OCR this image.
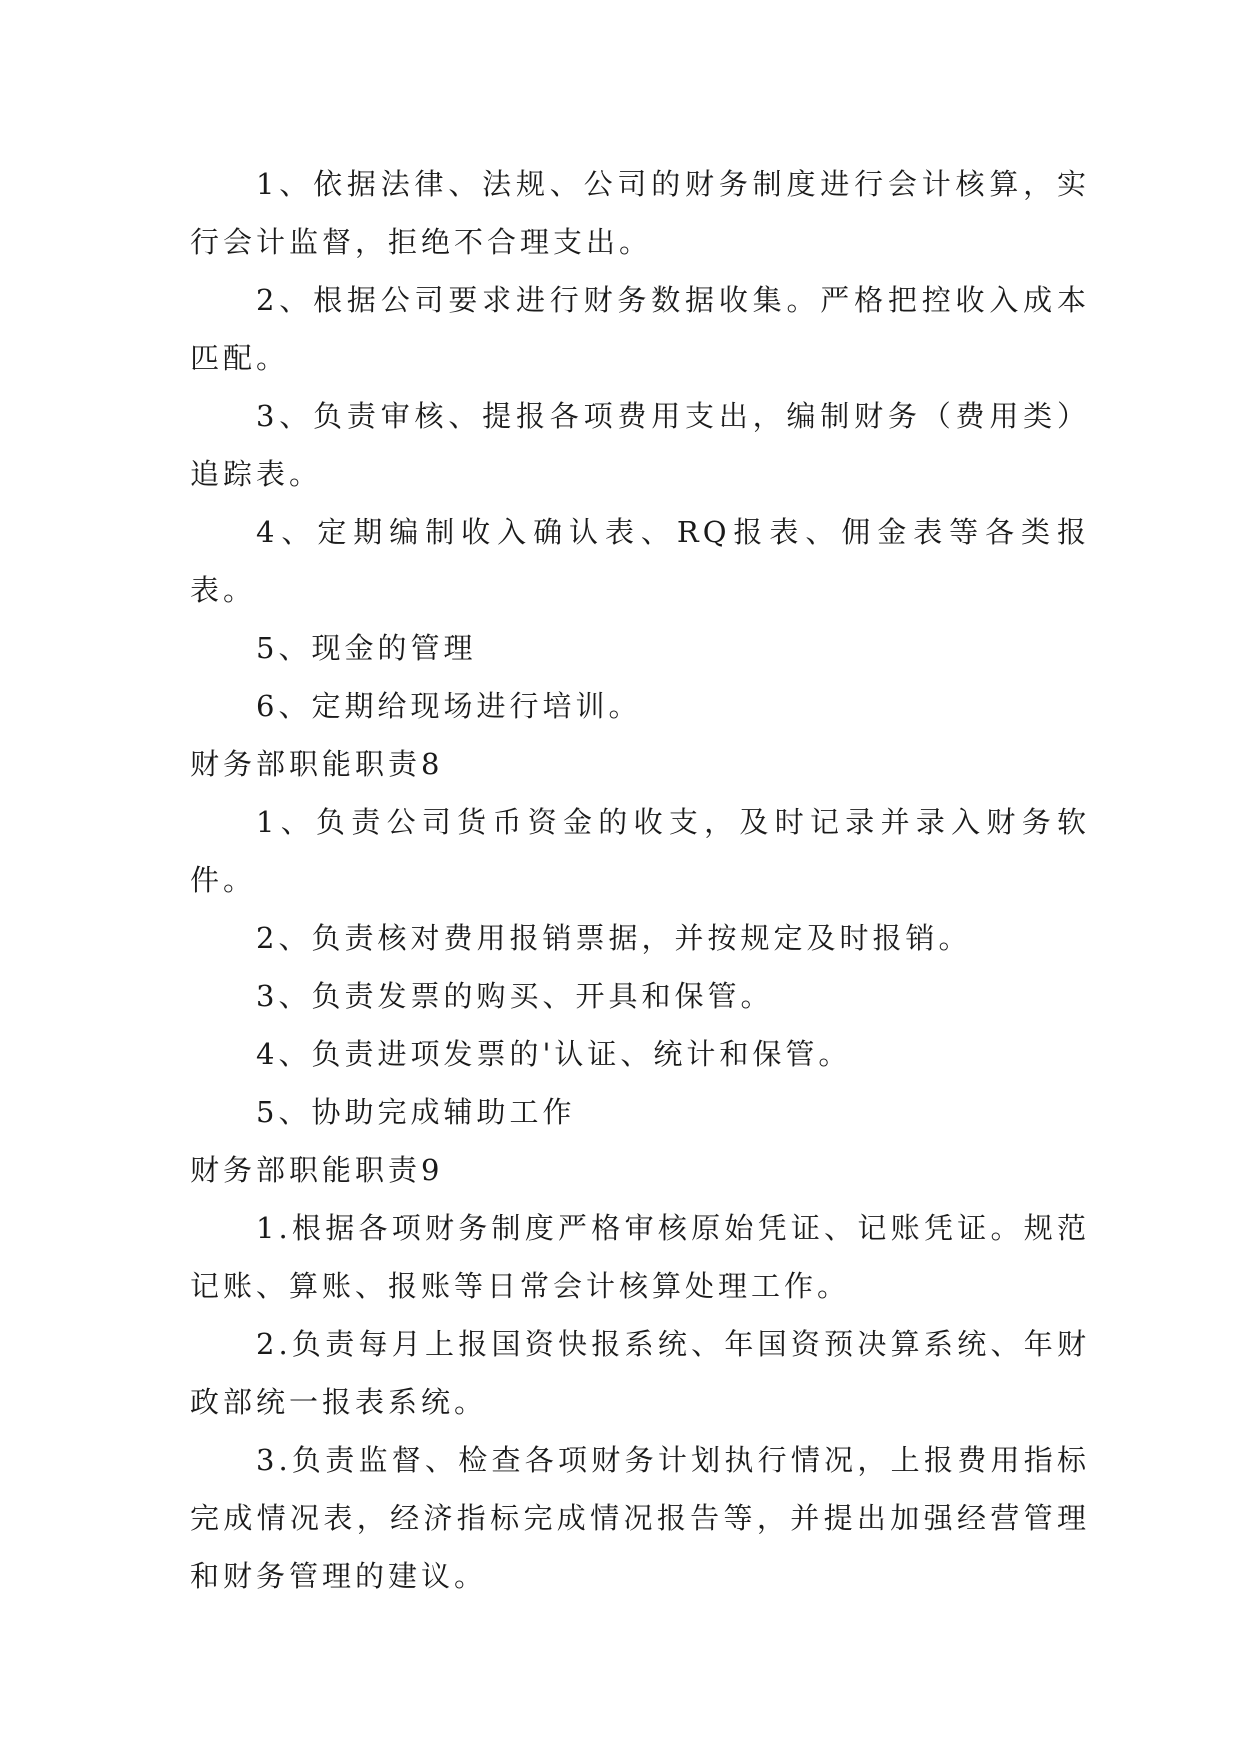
1、依据法律、法规、公司的财务制度进行会计核算，实行会计监督，拒绝不合理支出。

2、根据公司要求进行财务数据收集。严格把控收入成本匹配。

3、负责审核、提报各项费用支出，编制财务（费用类）追踪表。

4、定期编制收入确认表、RQ报表、佣金表等各类报表。

5、现金的管理

6、定期给现场进行培训。

财务部职能职责8

1、负责公司货币资金的收支，及时记录并录入财务软件。

2、负责核对费用报销票据，并按规定及时报销。

3、负责发票的购买、开具和保管。

4、负责进项发票的'认证、统计和保管。

5、协助完成辅助工作

财务部职能职责9

1.根据各项财务制度严格审核原始凭证、记账凭证。规范记账、算账、报账等日常会计核算处理工作。

2.负责每月上报国资快报系统、年国资预决算系统、年财政部统一报表系统。

3.负责监督、检查各项财务计划执行情况，上报费用指标完成情况表，经济指标完成情况报告等，并提出加强经营管理和财务管理的建议。
